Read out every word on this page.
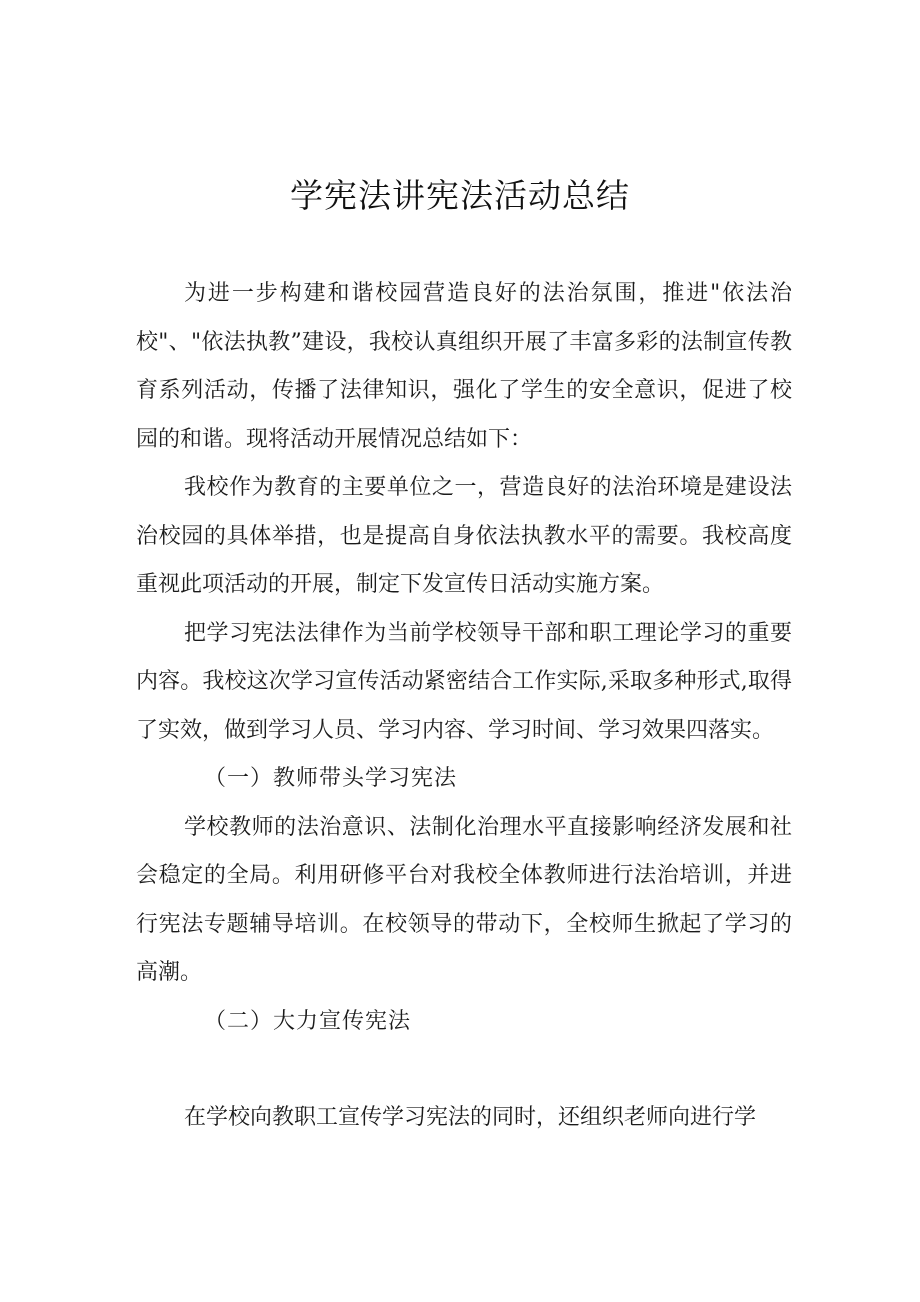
学宪法讲宪法活动总结

为进一步构建和谐校园营造良好的法治氛围，推进"依法治校"、"依法执教”建设，我校认真组织开展了丰富多彩的法制宣传教育系列活动，传播了法律知识，强化了学生的安全意识，促进了校园的和谐。现将活动开展情况总结如下：

我校作为教育的主要单位之一，营造良好的法治环境是建设法治校园的具体举措，也是提高自身依法执教水平的需要。我校高度重视此项活动的开展，制定下发宣传日活动实施方案。

把学习宪法法律作为当前学校领导干部和职工理论学习的重要内容。我校这次学习宣传活动紧密结合工作实际,采取多种形式,取得了实效，做到学习人员、学习内容、学习时间、学习效果四落实。

（一）教师带头学习宪法

学校教师的法治意识、法制化治理水平直接影响经济发展和社会稳定的全局。利用研修平台对我校全体教师进行法治培训，并进行宪法专题辅导培训。在校领导的带动下，全校师生掀起了学习的高潮。

（二）大力宣传宪法

在学校向教职工宣传学习宪法的同时，还组织老师向进行学
